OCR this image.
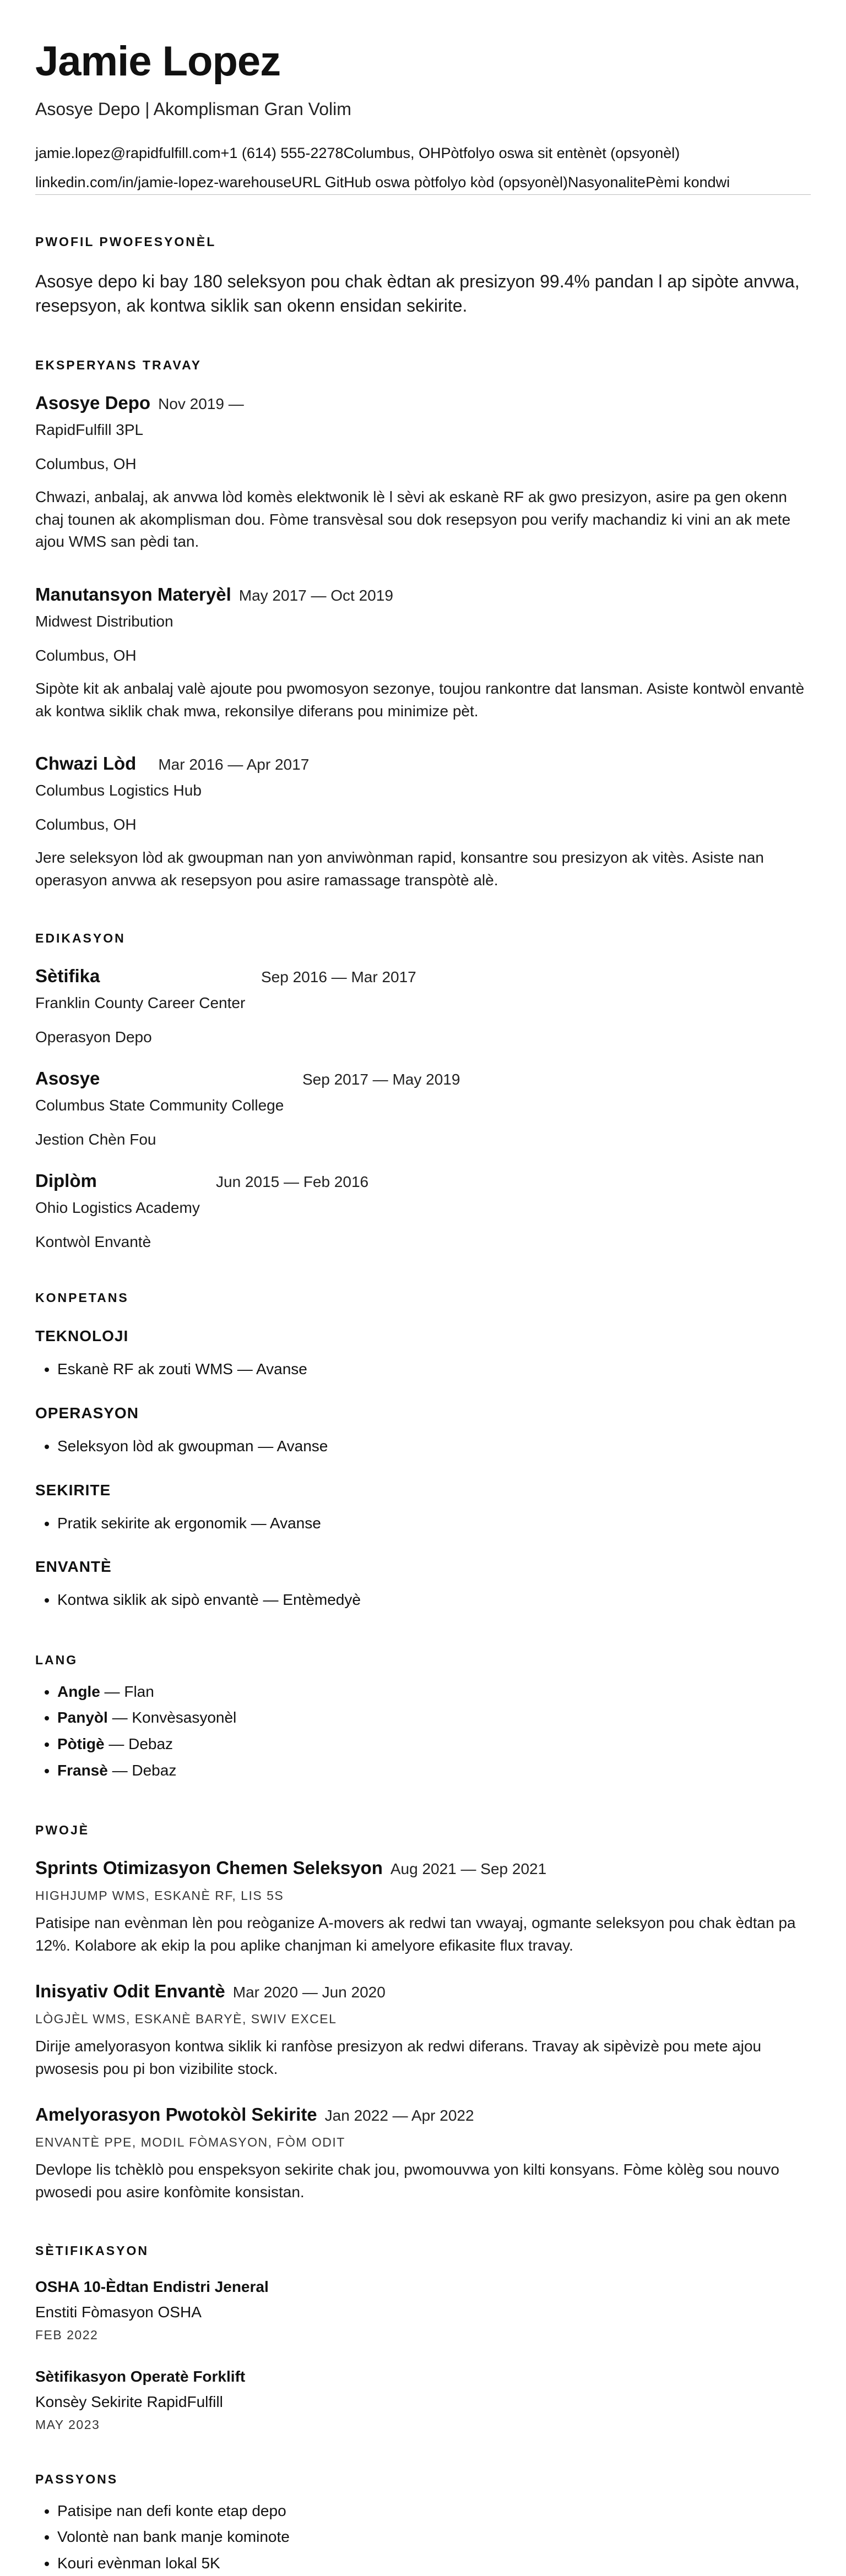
Jamie Lopez
Asosye Depo | Akomplisman Gran Volim
jamie.lopez@rapidfulfill.com+1 (614) 555-2278Columbus, OHPòtfolyo oswa sit entènèt (opsyonèl)
linkedin.com/in/jamie-lopez-warehouseURL GitHub oswa pòtfolyo kòd (opsyonèl)NasyonalitePèmi kondwi
PWOFIL PWOFESYONÈL
Asosye depo ki bay 180 seleksyon pou chak èdtan ak presizyon 99.4% pandan l ap sipòte anvwa, resepsyon, ak kontwa siklik san okenn ensidan sekirite.
EKSPERYANS TRAVAY
Asosye Depo Nov 2019 —
RapidFulfill 3PL
Columbus, OH
Chwazi, anbalaj, ak anvwa lòd komès elektwonik lè l sèvi ak eskanè RF ak gwo presizyon, asire pa gen okenn chaj tounen ak akomplisman dou. Fòme transvèsal sou dok resepsyon pou verify machandiz ki vini an ak mete ajou WMS san pèdi tan.
Manutansyon Materyèl May 2017 — Oct 2019
Midwest Distribution
Columbus, OH
Sipòte kit ak anbalaj valè ajoute pou pwomosyon sezonye, toujou rankontre dat lansman. Asiste kontwòl envantè ak kontwa siklik chak mwa, rekonsilye diferans pou minimize pèt.
Chwazi Lòd Mar 2016 — Apr 2017
Columbus Logistics Hub
Columbus, OH
Jere seleksyon lòd ak gwoupman nan yon anviwònman rapid, konsantre sou presizyon ak vitès. Asiste nan operasyon anvwa ak resepsyon pou asire ramassage transpòtè alè.
EDIKASYON
Sètifika	Sep 2016 — Mar 2017
Franklin County Career Center
Operasyon Depo
Asosye	Sep 2017 — May 2019
Columbus State Community College
Jestion Chèn Fou
Diplòm	Jun 2015 — Feb 2016
Ohio Logistics Academy
Kontwòl Envantè
KONPETANS
TEKNOLOJI
• Eskanè RF ak zouti WMS — Avanse
OPERASYON
• Seleksyon lòd ak gwoupman — Avanse
SEKIRITE
• Pratik sekirite ak ergonomik — Avanse
ENVANTÈ
• Kontwa siklik ak sipò envantè — Entèmedyè
LANG
• Angle — Flan
• Panyòl — Konvèsasyonèl
• Pòtigè — Debaz
• Fransè — Debaz
PWOJÈ
Sprints Otimizasyon Chemen Seleksyon Aug 2021 — Sep 2021
HIGHJUMP WMS, ESKANÈ RF, LIS 5S
Patisipe nan evènman lèn pou reòganize A-movers ak redwi tan vwayaj, ogmante seleksyon pou chak èdtan pa 12%. Kolabore ak ekip la pou aplike chanjman ki amelyore efikasite flux travay.
Inisyativ Odit Envantè Mar 2020 — Jun 2020
LÒGJÈL WMS, ESKANÈ BARYÈ, SWIV EXCEL
Dirije amelyorasyon kontwa siklik ki ranfòse presizyon ak redwi diferans. Travay ak sipèvizè pou mete ajou pwosesis pou pi bon vizibilite stock.
Amelyorasyon Pwotokòl Sekirite Jan 2022 — Apr 2022
ENVANTÈ PPE, MODIL FÒMASYON, FÒM ODIT
Devlope lis tchèklò pou enspeksyon sekirite chak jou, pwomouvwa yon kilti konsyans. Fòme kòlèg sou nouvo pwosedi pou asire konfòmite konsistan.
SÈTIFIKASYON
OSHA 10-Èdtan Endistri Jeneral
Enstiti Fòmasyon OSHA
FEB 2022
Sètifikasyon Operatè Forklift
Konsèy Sekirite RapidFulfill
MAY 2023
PASSYONS
• Patisipe nan defi konte etap depo
• Volontè nan bank manje kominote
• Kouri evènman lokal 5K
